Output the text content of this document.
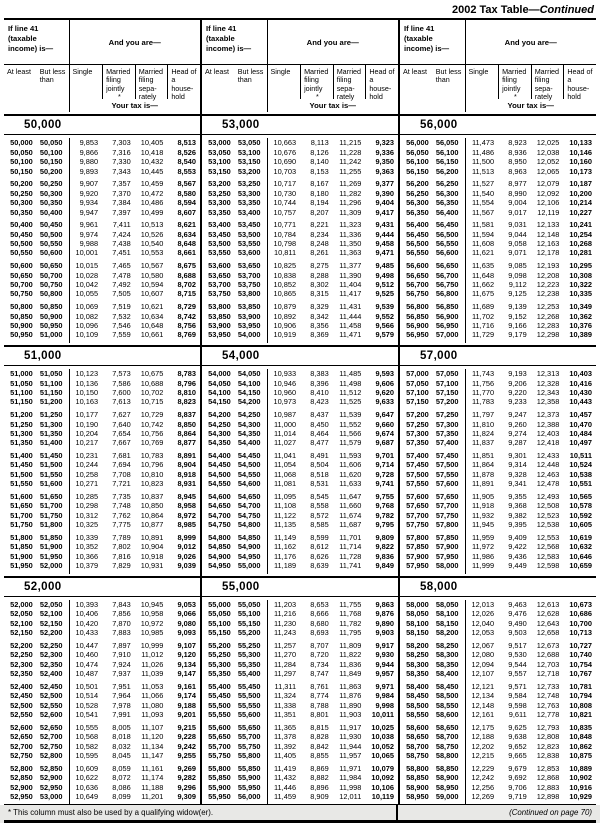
2002 Tax Table—Continued
If line 41 (taxable income) is—
And you are—
At least	But less than
Single	Married filing jointly
*
Married filing sepa- rately
Head of a house- hold
Your tax is—
50,000
50,000 50,050	9,853	7,303	10,405	8,513
50,050 50,100	9,866	7,316	10,418	8,526
50,100 50,150	9,880	7,330	10,432	8,540
50,150 50,200	9,893	7,343	10,445	8,553
50,200 50,250	9,907	7,357	10,459	8,567
50,250 50,300	9,920	7,370	10,472	8,580
50,300 50,350	9,934	7,384	10,486	8,594
50,350 50,400	9,947	7,397	10,499	8,607
50,400 50,450	9,961	7,411	10,513	8,621
50,450 50,500	9,974	7,424	10,526	8,634
50,500 50,550	9,988	7,438	10,540	8,648
50,550 50,600	10,001	7,451	10,553	8,661
50,600 50,650	10,015	7,465	10,567	8,675
50,650 50,700	10,028	7,478	10,580	8,688
50,700 50,750	10,042	7,492	10,594	8,702
50,750 50,800	10,055	7,505	10,607	8,715
50,800 50,850	10,069	7,519	10,621	8,729
50,850 50,900	10,082	7,532	10,634	8,742
50,900 50,950	10,096	7,546	10,648	8,756
50,950 51,000	10,109	7,559	10,661	8,769
51,000
51,000 51,050	10,123	7,573	10,675	8,783
51,050 51,100	10,136	7,586	10,688	8,796
51,100 51,150	10,150	7,600	10,702	8,810
51,150 51,200	10,163	7,613	10,715	8,823
51,200 51,250	10,177	7,627	10,729	8,837
51,250 51,300	10,190	7,640	10,742	8,850
51,300 51,350	10,204	7,654	10,756	8,864
51,350 51,400	10,217	7,667	10,769	8,877
51,400 51,450	10,231	7,681	10,783	8,891
51,450 51,500	10,244	7,694	10,796	8,904
51,500 51,550	10,258	7,708	10,810	8,918
51,550 51,600	10,271	7,721	10,823	8,931
51,600 51,650	10,285	7,735	10,837	8,945
51,650 51,700	10,298	7,748	10,850	8,958
51,700 51,750	10,312	7,762	10,864	8,972
51,750 51,800	10,325	7,775	10,877	8,985
51,800 51,850	10,339	7,789	10,891	8,999
51,850 51,900	10,352	7,802	10,904	9,012
51,900 51,950	10,366	7,816	10,918	9,026
51,950 52,000	10,379	7,829	10,931	9,039
52,000
52,000 52,050	10,393	7,843	10,945	9,053
52,050 52,100	10,406	7,856	10,958	9,066
52,100 52,150	10,420	7,870	10,972	9,080
52,150 52,200	10,433	7,883	10,985	9,093
52,200 52,250	10,447	7,897	10,999	9,107
52,250 52,300	10,460	7,910	11,012	9,120
52,300 52,350	10,474	7,924	11,026	9,134
52,350 52,400	10,487	7,937	11,039	9,147
52,400 52,450	10,501	7,951	11,053	9,161
52,450 52,500	10,514	7,964	11,066	9,174
52,500 52,550	10,528	7,978	11,080	9,188
52,550 52,600	10,541	7,991	11,093	9,201
52,600 52,650	10,555	8,005	11,107	9,215
52,650 52,700	10,568	8,018	11,120	9,228
52,700 52,750	10,582	8,032	11,134	9,242
52,750 52,800	10,595	8,045	11,147	9,255
52,800 52,850	10,609	8,059	11,161	9,269
52,850 52,900	10,622	8,072	11,174	9,282
52,900 52,950	10,636	8,086	11,188	9,296
52,950 53,000	10,649	8,099	11,201	9,309
If line 41 (taxable income) is—
And you are—
At least	But less than
Single	Married filing jointly
*
Married filing sepa- rately
Head of a house- hold
Your tax is—
53,000
53,000 53,050	10,663	8,113	11,215	9,323
53,050 53,100	10,676	8,126	11,228	9,336
53,100 53,150	10,690	8,140	11,242	9,350
53,150 53,200	10,703	8,153	11,255	9,363
53,200 53,250	10,717	8,167	11,269	9,377
53,250 53,300	10,730	8,180	11,282	9,390
53,300 53,350	10,744	8,194	11,296	9,404
53,350 53,400	10,757	8,207	11,309	9,417
53,400 53,450	10,771	8,221	11,323	9,431
53,450 53,500	10,784	8,234	11,336	9,444
53,500 53,550	10,798	8,248	11,350	9,458
53,550 53,600	10,811	8,261	11,363	9,471
53,600 53,650	10,825	8,275	11,377	9,485
53,650 53,700	10,838	8,288	11,390	9,498
53,700 53,750	10,852	8,302	11,404	9,512
53,750 53,800	10,865	8,315	11,417	9,525
53,800 53,850	10,879	8,329	11,431	9,539
53,850 53,900	10,892	8,342	11,444	9,552
53,900 53,950	10,906	8,356	11,458	9,566
53,950 54,000	10,919	8,369	11,471	9,579
54,000
54,000 54,050	10,933	8,383	11,485	9,593
54,050 54,100	10,946	8,396	11,498	9,606
54,100 54,150	10,960	8,410	11,512	9,620
54,150 54,200	10,973	8,423	11,525	9,633
54,200 54,250	10,987	8,437	11,539	9,647
54,250 54,300	11,000	8,450	11,552	9,660
54,300 54,350	11,014	8,464	11,566	9,674
54,350 54,400	11,027	8,477	11,579	9,687
54,400 54,450	11,041	8,491	11,593	9,701
54,450 54,500	11,054	8,504	11,606	9,714
54,500 54,550	11,068	8,518	11,620	9,728
54,550 54,600	11,081	8,531	11,633	9,741
54,600 54,650	11,095	8,545	11,647	9,755
54,650 54,700	11,108	8,558	11,660	9,768
54,700 54,750	11,122	8,572	11,674	9,782
54,750 54,800	11,135	8,585	11,687	9,795
54,800 54,850	11,149	8,599	11,701	9,809
54,850 54,900	11,162	8,612	11,714	9,822
54,900 54,950	11,176	8,626	11,728	9,836
54,950 55,000	11,189	8,639	11,741	9,849
55,000
55,000 55,050	11,203	8,653	11,755	9,863
55,050 55,100	11,216	8,666	11,768	9,876
55,100 55,150	11,230	8,680	11,782	9,890
55,150 55,200	11,243	8,693	11,795	9,903
55,200 55,250	11,257	8,707	11,809	9,917
55,250 55,300	11,270	8,720	11,822	9,930
55,300 55,350	11,284	8,734	11,836	9,944
55,350 55,400	11,297	8,747	11,849	9,957
55,400 55,450	11,311	8,761	11,863	9,971
55,450 55,500	11,324	8,774	11,876	9,984
55,500 55,550	11,338	8,788	11,890	9,998
55,550 55,600	11,351	8,801	11,903	10,011
55,600 55,650	11,365	8,815	11,917	10,025
55,650 55,700	11,378	8,828	11,930	10,038
55,700 55,750	11,392	8,842	11,944	10,052
55,750 55,800	11,405	8,855	11,957	10,065
55,800 55,850	11,419	8,869	11,971	10,079
55,850 55,900	11,432	8,882	11,984	10,092
55,900 55,950	11,446	8,896	11,998	10,106
55,950 56,000	11,459	8,909	12,011	10,119
If line 41 (taxable income) is—
And you are—
At least	But less than
Single	Married filing jointly
*
Married filing sepa- rately
Head of a house- hold
Your tax is—
56,000
56,000 56,050	11,473	8,923	12,025	10,133
56,050 56,100	11,486	8,936	12,038	10,146
56,100 56,150	11,500	8,950	12,052	10,160
56,150 56,200	11,513	8,963	12,065	10,173
56,200 56,250	11,527	8,977	12,079	10,187
56,250 56,300	11,540	8,990	12,092	10,200
56,300 56,350	11,554	9,004	12,106	10,214
56,350 56,400	11,567	9,017	12,119	10,227
56,400 56,450	11,581	9,031	12,133	10,241
56,450 56,500	11,594	9,044	12,148	10,254
56,500 56,550	11,608	9,058	12,163	10,268
56,550 56,600	11,621	9,071	12,178	10,281
56,600 56,650	11,635	9,085	12,193	10,295
56,650 56,700	11,648	9,098	12,208	10,308
56,700 56,750	11,662	9,112	12,223	10,322
56,750 56,800	11,675	9,125	12,238	10,335
56,800 56,850	11,689	9,139	12,253	10,349
56,850 56,900	11,702	9,152	12,268	10,362
56,900 56,950	11,716	9,166	12,283	10,376
56,950 57,000	11,729	9,179	12,298	10,389
57,000
57,000 57,050	11,743	9,193	12,313	10,403
57,050 57,100	11,756	9,206	12,328	10,416
57,100 57,150	11,770	9,220	12,343	10,430
57,150 57,200	11,783	9,233	12,358	10,443
57,200 57,250	11,797	9,247	12,373	10,457
57,250 57,300	11,810	9,260	12,388	10,470
57,300 57,350	11,824	9,274	12,403	10,484
57,350 57,400	11,837	9,287	12,418	10,497
57,400 57,450	11,851	9,301	12,433	10,511
57,450 57,500	11,864	9,314	12,448	10,524
57,500 57,550	11,878	9,328	12,463	10,538
57,550 57,600	11,891	9,341	12,478	10,551
57,600 57,650	11,905	9,355	12,493	10,565
57,650 57,700	11,918	9,368	12,508	10,578
57,700 57,750	11,932	9,382	12,523	10,592
57,750 57,800	11,945	9,395	12,538	10,605
57,800 57,850	11,959	9,409	12,553	10,619
57,850 57,900	11,972	9,422	12,568	10,632
57,900 57,950	11,986	9,436	12,583	10,646
57,950 58,000	11,999	9,449	12,598	10,659
58,000
58,000 58,050	12,013	9,463	12,613	10,673
58,050 58,100	12,026	9,476	12,628	10,686
58,100 58,150	12,040	9,490	12,643	10,700
58,150 58,200	12,053	9,503	12,658	10,713
58,200 58,250	12,067	9,517	12,673	10,727
58,250 58,300	12,080	9,530	12,688	10,740
58,300 58,350	12,094	9,544	12,703	10,754
58,350 58,400	12,107	9,557	12,718	10,767
58,400 58,450	12,121	9,571	12,733	10,781
58,450 58,500	12,134	9,584	12,748	10,794
58,500 58,550	12,148	9,598	12,763	10,808
58,550 58,600	12,161	9,611	12,778	10,821
58,600 58,650	12,175	9,625	12,793	10,835
58,650 58,700	12,188	9,638	12,808	10,848
58,700 58,750	12,202	9,652	12,823	10,862
58,750 58,800	12,215	9,665	12,838	10,875
58,800 58,850	12,229	9,679	12,853	10,889
58,850 58,900	12,242	9,692	12,868	10,902
58,900 58,950	12,256	9,706	12,883	10,916
58,950 59,000	12,269	9,719	12,898	10,929
* This column must also be used by a qualifying widow(er).	(Continued on page 70)
